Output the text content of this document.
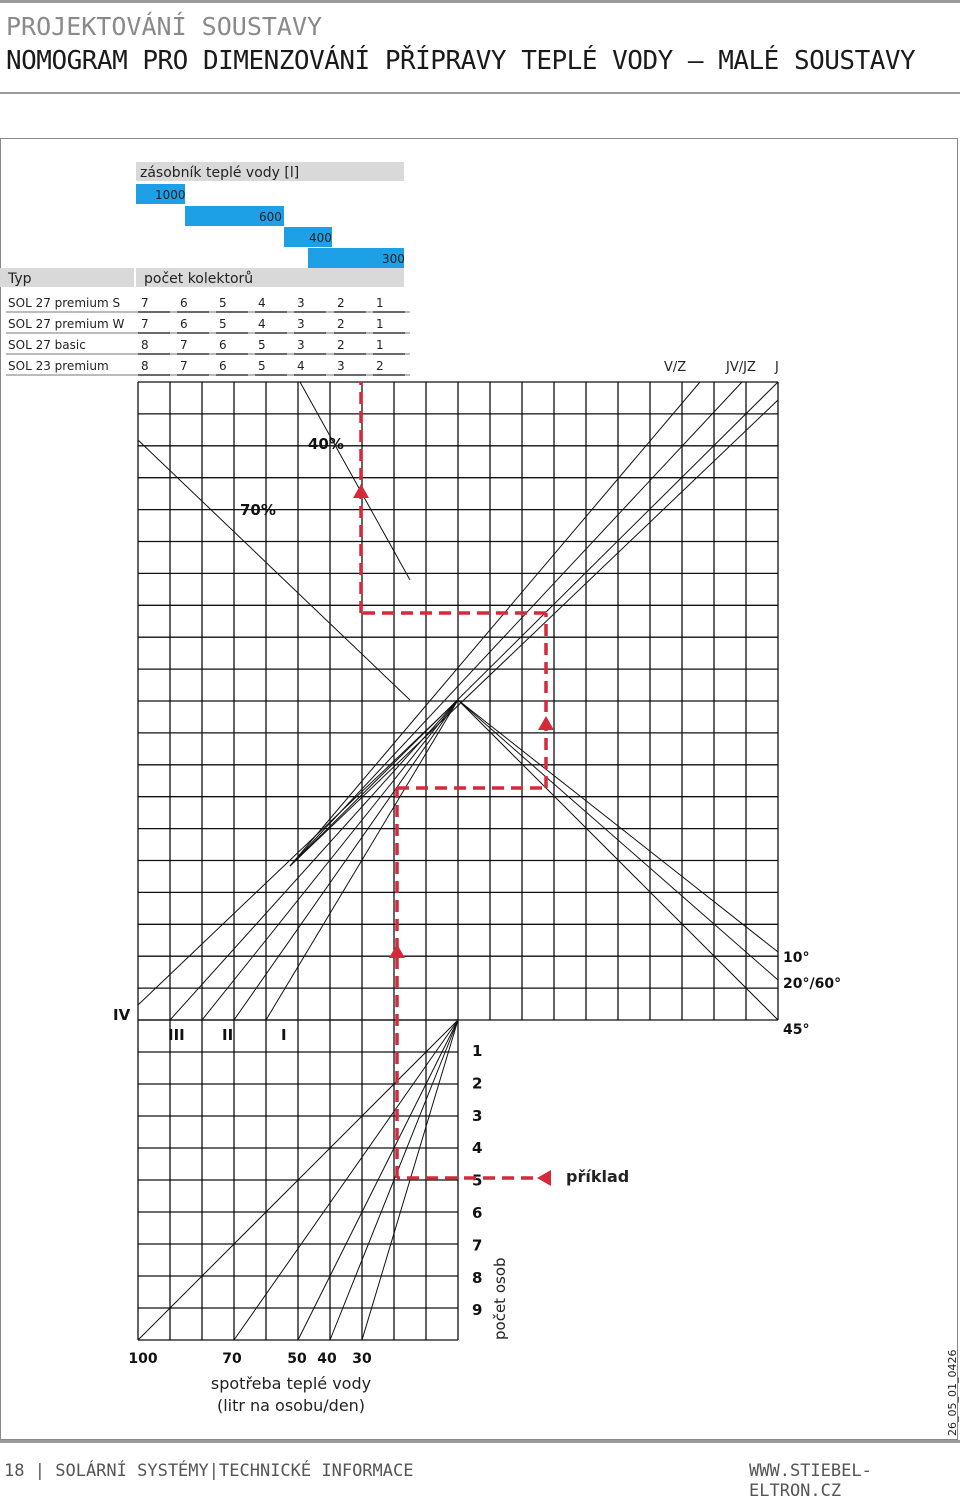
PROJEKTOVÁNÍ SOUSTAVY
NOMOGRAM PRO DIMENZOVÁNÍ PŘÍPRAVY TEPLÉ VODY – MALÉ SOUSTAVY
zásobník teplé vody [l]
1000
600
400
300
Typ	počet kolektorů
SOL 27 premium S 7	6	5	4	3	2	1
SOL 27 premium W 7	6	5	4	3	2	1
SOL 27 basic	8	7	6	5	3	2	1
SOL 23 premium	8	7	6	5	4	3	2	V/Z	JV/JZ J
40%
70%
10°
20°/60°
45°
IV
III II	I
1
2
3
4
5
6
7
8
9 počet osob
100	70	50 40 30
spotřeba teplé vody
(litr na osobu/den)
příklad
26_05_01_0426
18 | SOLÁRNÍ SYSTÉMY|TECHNICKÉ INFORMACE	WWW.STIEBEL-ELTRON.CZ
